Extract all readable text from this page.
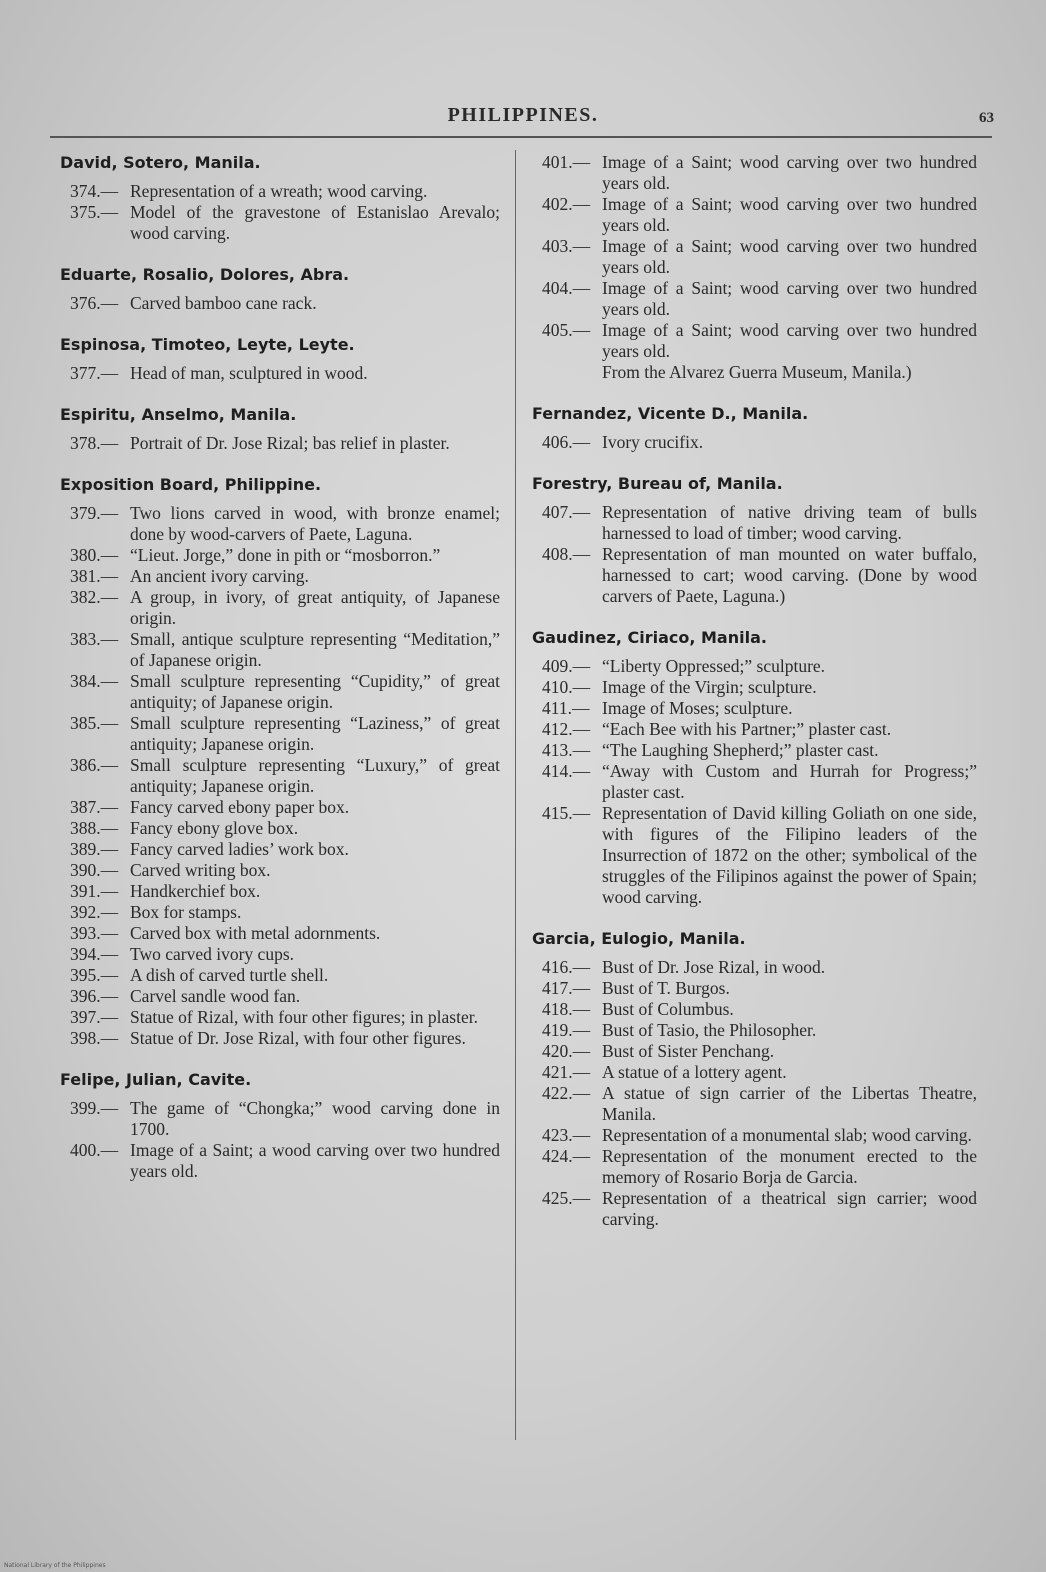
PHILIPPINES.	63
David, Sotero, Manila.

374 .—	Representation of a wreath; wood carving.

375 .—	Model of the gravestone of Estanislao Arevalo; wood carving.

Eduarte, Rosalio, Dolores, Abra.

376 .—	Carved bamboo cane rack.

Espinosa, Timoteo, Leyte, Leyte.

377 .—	Head of man, sculptured in wood.

Espiritu, Anselmo, Manila.

378 .—	Portrait of Dr. Jose Rizal; bas relief in plaster.

Exposition Board, Philippine.

379 .—	Two lions carved in wood, with bronze enamel; done by wood-carvers of Paete, Laguna.

380 .—	“Lieut. Jorge,” done in pith or “mosborron.”

381 .—	An ancient ivory carving.

382 .—	A group, in ivory, of great antiquity, of Japanese origin.

383 .—	Small, antique sculpture representing “Meditation,” of Japanese origin.

384 .—	Small sculpture representing “Cupidity,” of great antiquity; of Japanese origin.

385 .—	Small sculpture representing “Laziness,” of great antiquity; Japanese origin.

386 .—	Small sculpture representing “Luxury,” of great antiquity; Japanese origin.

387 .—	Fancy carved ebony paper box.

388 .—	Fancy ebony glove box.

389 .—	Fancy carved ladies’ work box.

390 .—	Carved writing box.

391 .—	Handkerchief box.

392 .—	Box for stamps.

393 .—	Carved box with metal adornments.

394 .—	Two carved ivory cups.

395 .—	A dish of carved turtle shell.

396 .—	Carvel sandle wood fan.

397 .—	Statue of Rizal, with four other figures; in plaster.

398 .—	Statue of Dr. Jose Rizal, with four other figures.

Felipe, Julian, Cavite.

399 .—	The game of “Chongka;” wood carving done in 1700.

400 .—	Image of a Saint; a wood carving over two hundred years old.

401 .—	Image of a Saint; wood carving over two hundred years old.

402 .—	Image of a Saint; wood carving over two hundred years old.

403 .—	Image of a Saint; wood carving over two hundred years old.

404 .—	Image of a Saint; wood carving over two hundred years old.

405 .—	Image of a Saint; wood carving over two hundred years old.

From the Alvarez Guerra Museum, Manila.)

Fernandez, Vicente D., Manila.

406 .—	Ivory crucifix.

Forestry, Bureau of, Manila.

407 .—	Representation of native driving team of bulls harnessed to load of timber; wood carving.

408 .—	Representation of man mounted on water buffalo, harnessed to cart; wood carving. (Done by wood carvers of Paete, Laguna.)

Gaudinez, Ciriaco, Manila.

409 .—	“Liberty Oppressed;” sculpture.

410 .—	Image of the Virgin; sculpture.

411 .—	Image of Moses; sculpture.

412 .—	“Each Bee with his Partner;” plaster cast.

413 .—	“The Laughing Shepherd;” plaster cast.

414 .—	“Away with Custom and Hurrah for Progress;” plaster cast.

415 .—	Representation of David killing Goliath on one side, with figures of the Filipino leaders of the Insurrection of 1872 on the other; symbolical of the struggles of the Filipinos against the power of Spain; wood carving.

Garcia, Eulogio, Manila.

416 .—	Bust of Dr. Jose Rizal, in wood.

417 .—	Bust of T. Burgos.

418 .—	Bust of Columbus.

419 .—	Bust of Tasio, the Philosopher.

420 .—	Bust of Sister Penchang.

421 .—	A statue of a lottery agent.

422 .—	A statue of sign carrier of the Libertas Theatre, Manila.

423 .—	Representation of a monumental slab; wood carving.

424 .—	Representation of the monument erected to the memory of Rosario Borja de Garcia.

425 .—	Representation of a theatrical sign carrier; wood carving.

National Library of the Philippines
